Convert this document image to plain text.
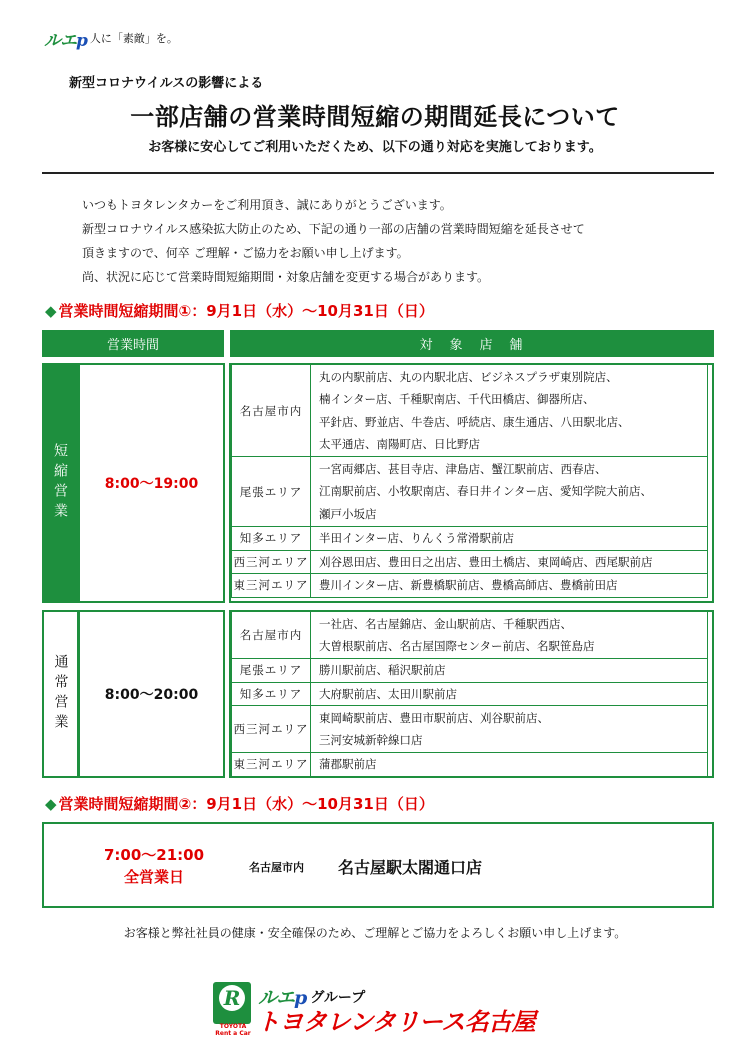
ルエp 人に「素敵」を。
新型コロナウイルスの影響による
一部店舗の営業時間短縮の期間延長について
お客様に安心してご利用いただくため、以下の通り対応を実施しております。
いつもトヨタレンタカーをご利用頂き、誠にありがとうございます。
新型コロナウイルス感染拡大防止のため、下記の通り一部の店舗の営業時間短縮を延長させて
頂きますので、何卒 ご理解・ご協力をお願い申し上げます。
尚、状況に応じて営業時間短縮期間・対象店舗を変更する場合があります。
◆ 営業時間短縮期間①：9月1日（水）～10月31日（日）
営業時間	対　象　店　舗
短縮営業	8:00～19:00
名古屋市内	丸の内駅前店、丸の内駅北店、ビジネスプラザ東別院店、
楠インター店、千種駅南店、千代田橋店、御器所店、
平針店、野並店、牛巻店、呼続店、康生通店、八田駅北店、
太平通店、南陽町店、日比野店

尾張エリア	一宮両郷店、甚目寺店、津島店、蟹江駅前店、西春店、
江南駅前店、小牧駅南店、春日井インター店、愛知学院大前店、
瀬戸小坂店

知多エリア	半田インター店、りんくう常滑駅前店

西三河エリア	刈谷恩田店、豊田日之出店、豊田土橋店、東岡崎店、西尾駅前店

東三河エリア	豊川インター店、新豊橋駅前店、豊橋高師店、豊橋前田店
通常営業	8:00～20:00
名古屋市内	一社店、名古屋錦店、金山駅前店、千種駅西店、
大曽根駅前店、名古屋国際センター前店、名駅笹島店

尾張エリア	勝川駅前店、稲沢駅前店

知多エリア	大府駅前店、太田川駅前店

西三河エリア	東岡崎駅前店、豊田市駅前店、刈谷駅前店、
三河安城新幹線口店

東三河エリア	蒲郡駅前店
◆ 営業時間短縮期間②：9月1日（水）～10月31日（日）
7:00～21:00
全営業日
名古屋市内 名古屋駅太閤通口店
お客様と弊社社員の健康・安全確保のため、ご理解とご協力をよろしくお願い申し上げます。
R
TOYOTA
Rent a Car
ルエp グループ
トヨタレンタリース名古屋
